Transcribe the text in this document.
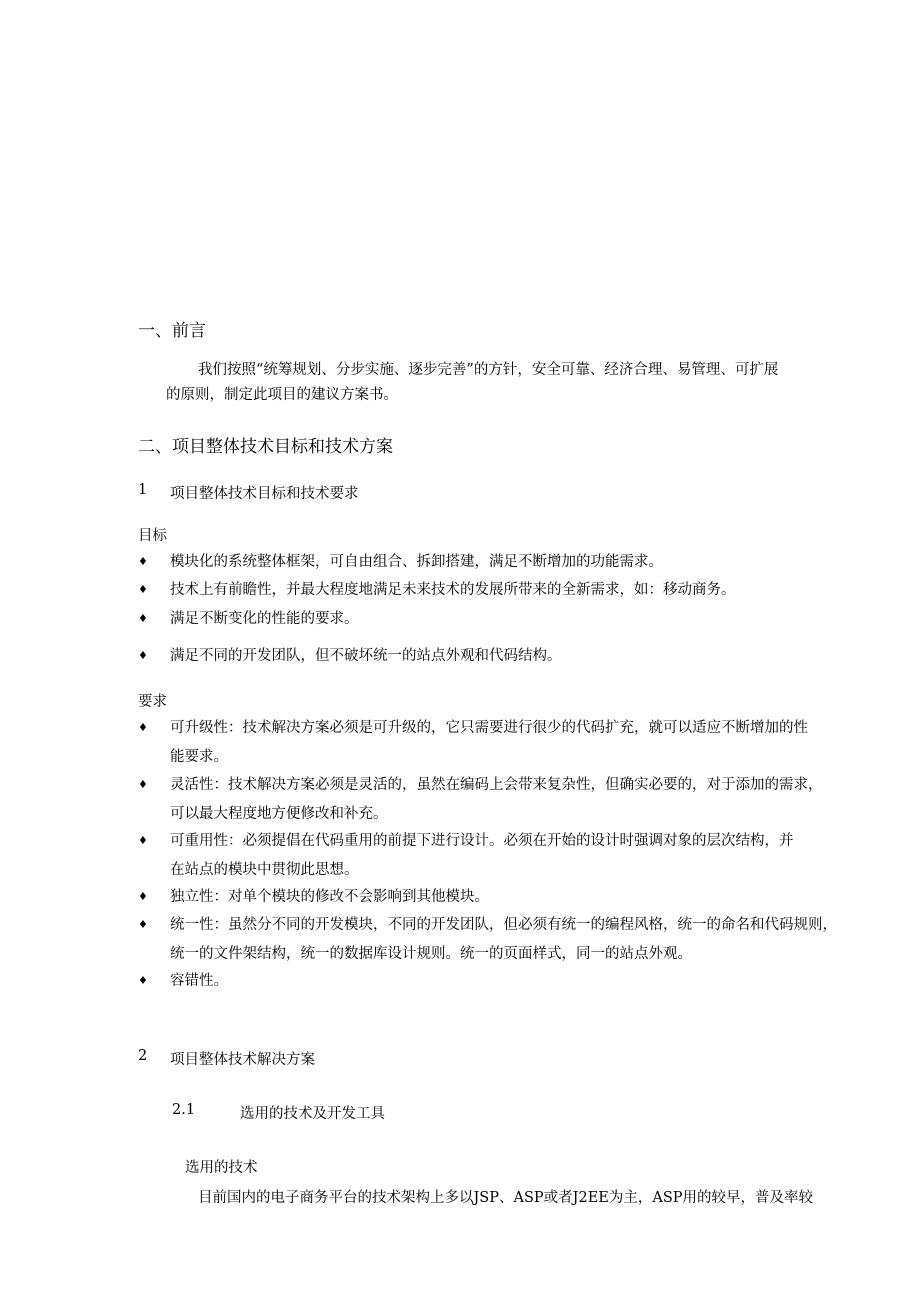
一、前言
我们按照“统筹规划、分步实施、逐步完善”的方针，安全可靠、经济合理、易管理、可扩展
的原则，制定此项目的建议方案书。
二、项目整体技术目标和技术方案
1 项目整体技术目标和技术要求
目标
♦ 模块化的系统整体框架，可自由组合、拆卸搭建，满足不断增加的功能需求。
♦ 技术上有前瞻性，并最大程度地满足未来技术的发展所带来的全新需求，如：移动商务。
♦ 满足不断变化的性能的要求。
♦ 满足不同的开发团队，但不破坏统一的站点外观和代码结构。
要求
♦ 可升级性：技术解决方案必须是可升级的，它只需要进行很少的代码扩充，就可以适应不断增加的性
能要求。
♦ 灵活性：技术解决方案必须是灵活的，虽然在编码上会带来复杂性，但确实必要的，对于添加的需求，
可以最大程度地方便修改和补充。
♦ 可重用性：必须提倡在代码重用的前提下进行设计。必须在开始的设计时强调对象的层次结构，并
在站点的模块中贯彻此思想。
♦ 独立性：对单个模块的修改不会影响到其他模块。
♦ 统一性：虽然分不同的开发模块，不同的开发团队，但必须有统一的编程风格，统一的命名和代码规则，
统一的文件架结构，统一的数据库设计规则。统一的页面样式，同一的站点外观。
♦ 容错性。
2 项目整体技术解决方案
2.1	选用的技术及开发工具
选用的技术
目前国内的电子商务平台的技术架构上多以JSP、ASP或者J2EE为主，ASP用的较早，普及率较
